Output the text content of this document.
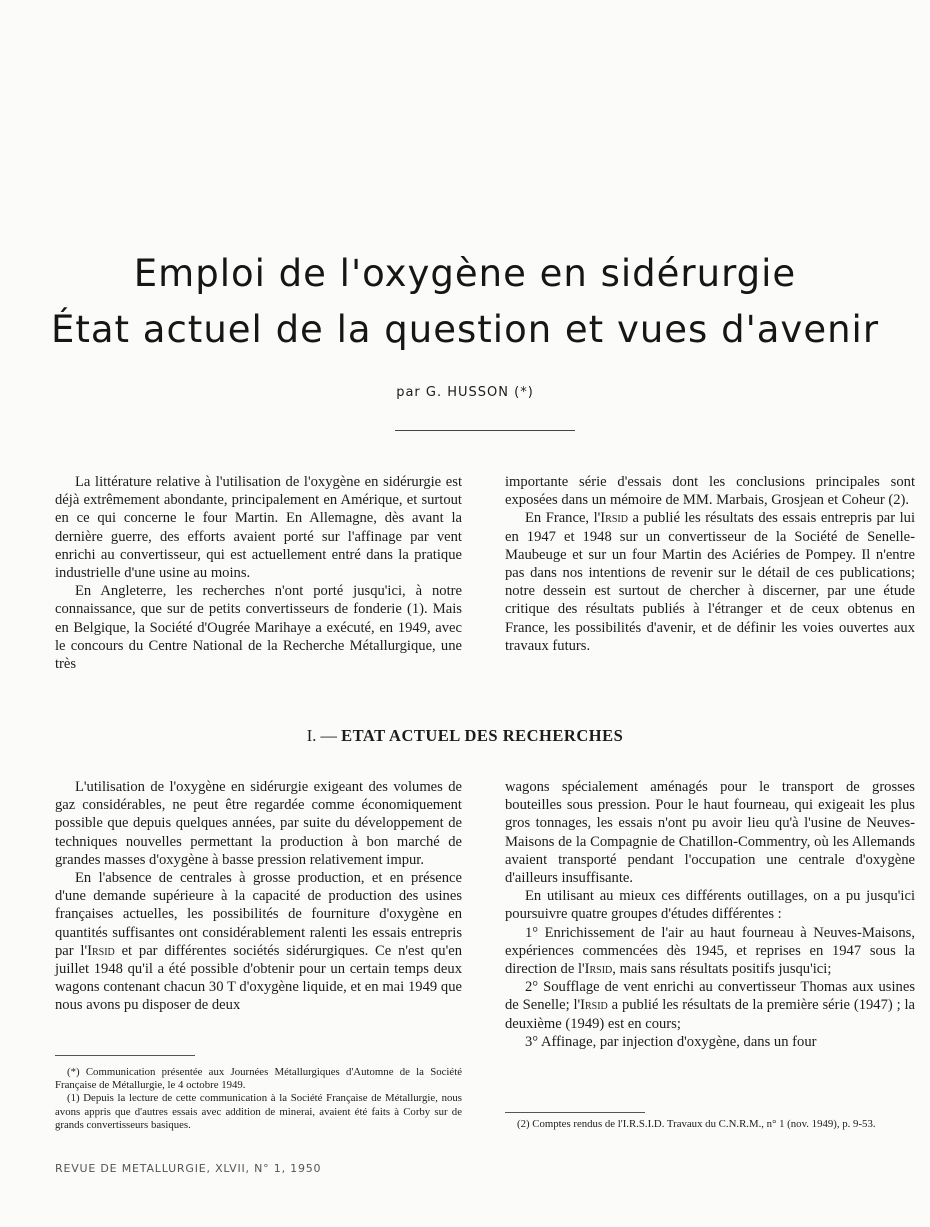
Emploi de l'oxygène en sidérurgie
État actuel de la question et vues d'avenir
par G. HUSSON (*)

La littérature relative à l'utilisation de l'oxygène en sidérurgie est déjà extrêmement abondante, principalement en Amérique, et surtout en ce qui concerne le four Martin. En Allemagne, dès avant la dernière guerre, des efforts avaient porté sur l'affinage par vent enrichi au convertisseur, qui est actuellement entré dans la pratique industrielle d'une usine au moins.

En Angleterre, les recherches n'ont porté jusqu'ici, à notre connaissance, que sur de petits convertisseurs de fonderie (1). Mais en Belgique, la Société d'Ougrée Marihaye a exécuté, en 1949, avec le concours du Centre National de la Recherche Métallurgique, une très

importante série d'essais dont les conclusions principales sont exposées dans un mémoire de MM. Marbais, Grosjean et Coheur (2).

En France, l'Irsid a publié les résultats des essais entrepris par lui en 1947 et 1948 sur un convertisseur de la Société de Senelle-Maubeuge et sur un four Martin des Aciéries de Pompey. Il n'entre pas dans nos intentions de revenir sur le détail de ces publications; notre dessein est surtout de chercher à discerner, par une étude critique des résultats publiés à l'étranger et de ceux obtenus en France, les possibilités d'avenir, et de définir les voies ouvertes aux travaux futurs.

I. — ETAT ACTUEL DES RECHERCHES

L'utilisation de l'oxygène en sidérurgie exigeant des volumes de gaz considérables, ne peut être regardée comme économiquement possible que depuis quelques années, par suite du développement de techniques nouvelles permettant la production à bon marché de grandes masses d'oxygène à basse pression relativement impur.

En l'absence de centrales à grosse production, et en présence d'une demande supérieure à la capacité de production des usines françaises actuelles, les possibilités de fourniture d'oxygène en quantités suffisantes ont considérablement ralenti les essais entrepris par l'Irsid et par différentes sociétés sidérurgiques. Ce n'est qu'en juillet 1948 qu'il a été possible d'obtenir pour un certain temps deux wagons contenant chacun 30 T d'oxygène liquide, et en mai 1949 que nous avons pu disposer de deux

wagons spécialement aménagés pour le transport de grosses bouteilles sous pression. Pour le haut fourneau, qui exigeait les plus gros tonnages, les essais n'ont pu avoir lieu qu'à l'usine de Neuves-Maisons de la Compagnie de Chatillon-Commentry, où les Allemands avaient transporté pendant l'occupation une centrale d'oxygène d'ailleurs insuffisante.

En utilisant au mieux ces différents outillages, on a pu jusqu'ici poursuivre quatre groupes d'études différentes :

1° Enrichissement de l'air au haut fourneau à Neuves-Maisons, expériences commencées dès 1945, et reprises en 1947 sous la direction de l'Irsid, mais sans résultats positifs jusqu'ici;

2° Soufflage de vent enrichi au convertisseur Thomas aux usines de Senelle; l'Irsid a publié les résultats de la première série (1947) ; la deuxième (1949) est en cours;

3° Affinage, par injection d'oxygène, dans un four

(*) Communication présentée aux Journées Métallurgiques d'Automne de la Société Française de Métallurgie, le 4 octobre 1949.

(1) Depuis la lecture de cette communication à la Société Française de Métallurgie, nous avons appris que d'autres essais avec addition de minerai, avaient été faits à Corby sur de grands convertisseurs basiques.	(2) Comptes rendus de l'I.R.S.I.D. Travaux du C.N.R.M., n° 1 (nov. 1949), p. 9-53.

REVUE DE METALLURGIE, XLVII, N° 1, 1950
